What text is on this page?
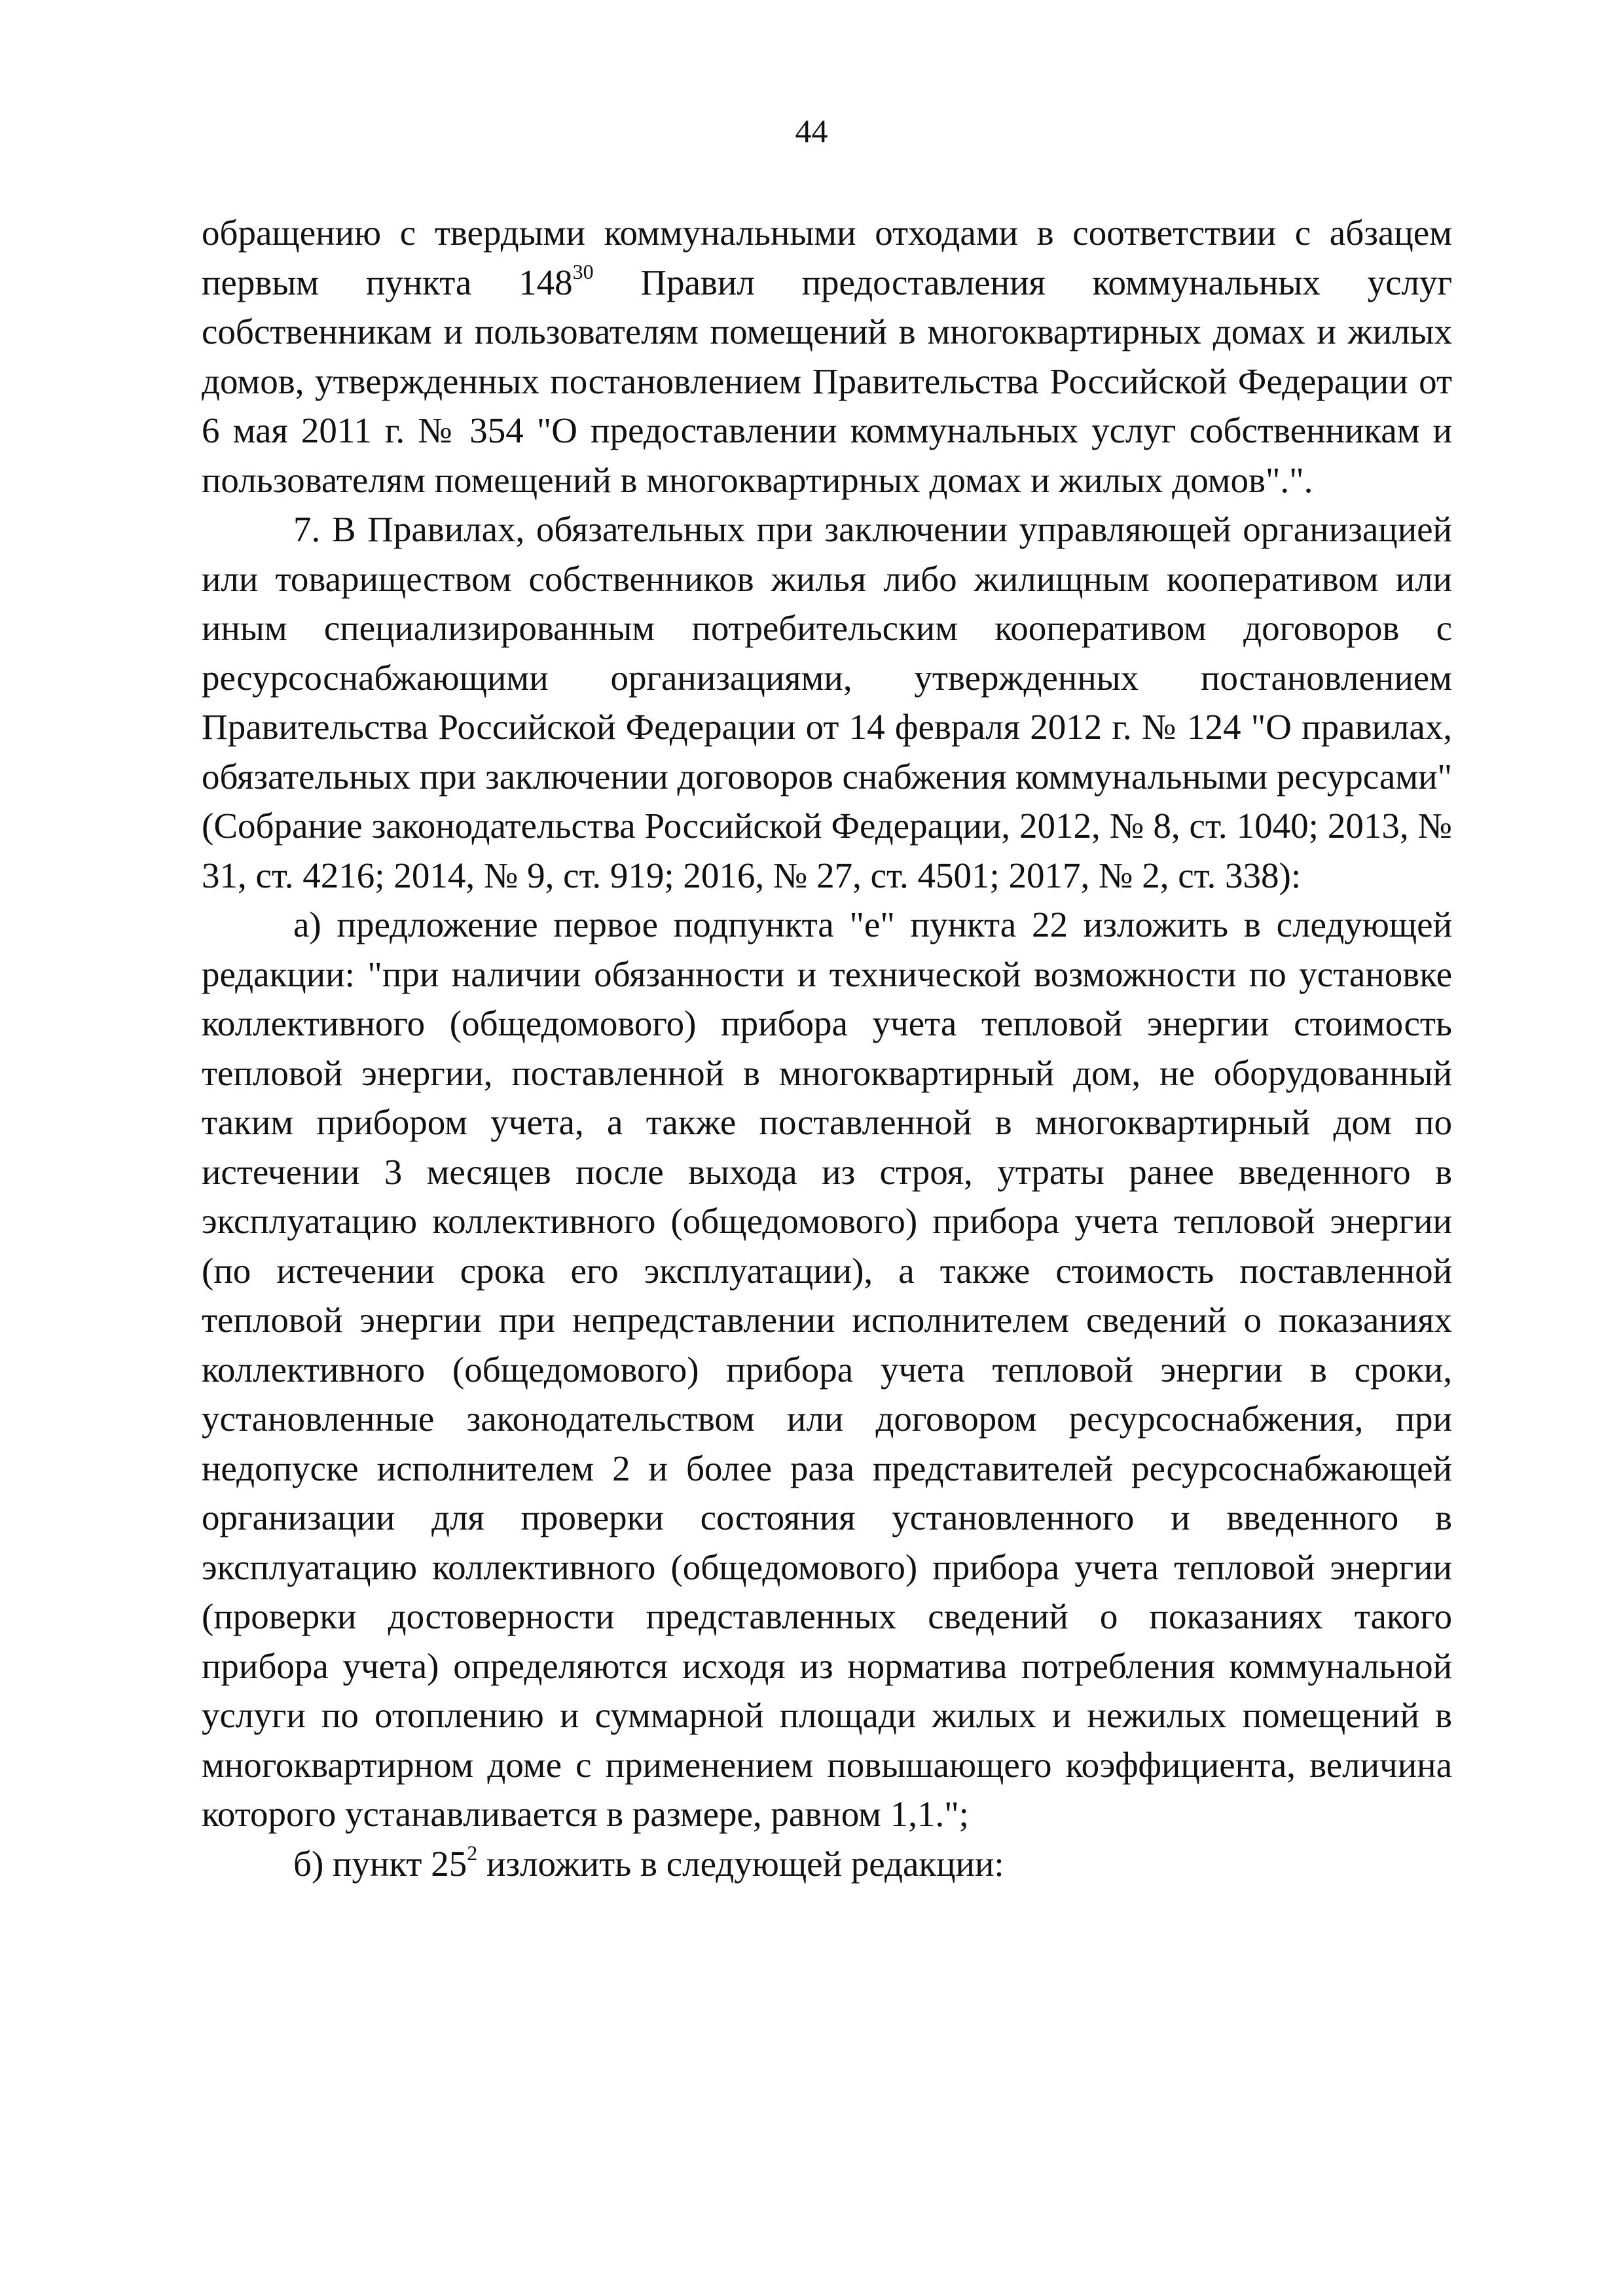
44

обращению с твердыми коммунальными отходами в соответствии с абзацем первым пункта $148^{30}$ Правил предоставления коммунальных услуг собственникам и пользователям помещений в многоквартирных домах и жилых домов, утвержденных постановлением Правительства Российской Федерации от 6 мая 2011 г. № 354 "О предоставлении коммунальных услуг собственникам и пользователям помещений в многоквартирных домах и жилых домов".".

7. В Правилах, обязательных при заключении управляющей организацией или товариществом собственников жилья либо жилищным кооперативом или иным специализированным потребительским кооперативом договоров с ресурсоснабжающими организациями, утвержденных постановлением Правительства Российской Федерации от 14 февраля 2012 г. № 124 "О правилах, обязательных при заключении договоров снабжения коммунальными ресурсами" (Собрание законодательства Российской Федерации, 2012, № 8, ст. 1040; 2013, № 31, ст. 4216; 2014, № 9, ст. 919; 2016, № 27, ст. 4501; 2017, № 2, ст. 338):

а) предложение первое подпункта "е" пункта 22 изложить в следующей редакции: "при наличии обязанности и технической возможности по установке коллективного (общедомового) прибора учета тепловой энергии стоимость тепловой энергии, поставленной в многоквартирный дом, не оборудованный таким прибором учета, а также поставленной в многоквартирный дом по истечении 3 месяцев после выхода из строя, утраты ранее введенного в эксплуатацию коллективного (общедомового) прибора учета тепловой энергии (по истечении срока его эксплуатации), а также стоимость поставленной тепловой энергии при непредставлении исполнителем сведений о показаниях коллективного (общедомового) прибора учета тепловой энергии в сроки, установленные законодательством или договором ресурсоснабжения, при недопуске исполнителем 2 и более раза представителей ресурсоснабжающей организации для проверки состояния установленного и введенного в эксплуатацию коллективного (общедомового) прибора учета тепловой энергии (проверки достоверности представленных сведений о показаниях такого прибора учета) определяются исходя из норматива потребления коммунальной услуги по отоплению и суммарной площади жилых и нежилых помещений в многоквартирном доме с применением повышающего коэффициента, величина которого устанавливается в размере, равном 1,1.";

б) пункт $25^2$ изложить в следующей редакции:
